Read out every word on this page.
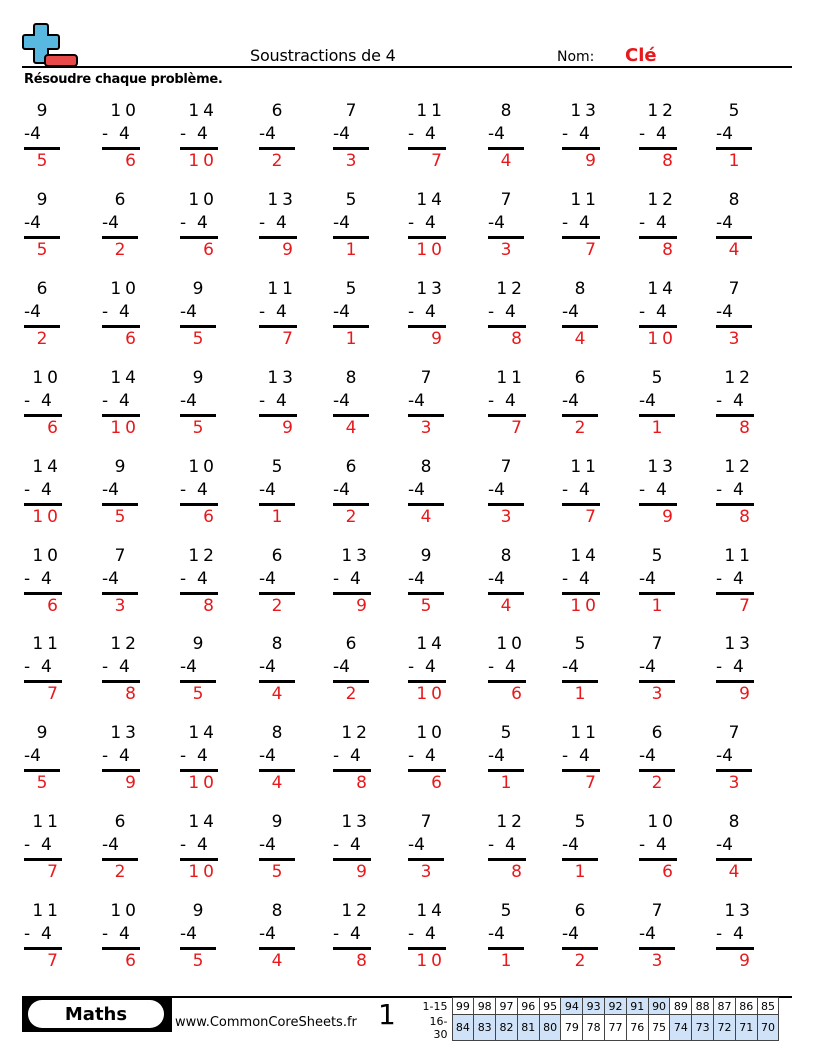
Soustractions de 4	Nom: Clé
Résoudre chaque problème.
9
-4
5
10
-  4
6
14
-  4
10
6
-4
2
7
-4
3
11
-  4
7
8
-4
4
13
-  4
9
12
-  4
8
5
-4
1
9
-4
5
6
-4
2
10
-  4
6
13
-  4
9
5
-4
1
14
-  4
10
7
-4
3
11
-  4
7
12
-  4
8
8
-4
4
6
-4
2
10
-  4
6
9
-4
5
11
-  4
7
5
-4
1
13
-  4
9
12
-  4
8
8
-4
4
14
-  4
10
7
-4
3
10
-  4
6
14
-  4
10
9
-4
5
13
-  4
9
8
-4
4
7
-4
3
11
-  4
7
6
-4
2
5
-4
1
12
-  4
8
14
-  4
10
9
-4
5
10
-  4
6
5
-4
1
6
-4
2
8
-4
4
7
-4
3
11
-  4
7
13
-  4
9
12
-  4
8
10
-  4
6
7
-4
3
12
-  4
8
6
-4
2
13
-  4
9
9
-4
5
8
-4
4
14
-  4
10
5
-4
1
11
-  4
7
11
-  4
7
12
-  4
8
9
-4
5
8
-4
4
6
-4
2
14
-  4
10
10
-  4
6
5
-4
1
7
-4
3
13
-  4
9
9
-4
5
13
-  4
9
14
-  4
10
8
-4
4
12
-  4
8
10
-  4
6
5
-4
1
11
-  4
7
6
-4
2
7
-4
3
11
-  4
7
6
-4
2
14
-  4
10
9
-4
5
13
-  4
9
7
-4
3
12
-  4
8
5
-4
1
10
-  4
6
8
-4
4
11
-  4
7
10
-  4
6
9
-4
5
8
-4
4
12
-  4
8
14
-  4
10
5
-4
1
6
-4
2
7
-4
3
13
-  4
9
Maths	www.CommonCoreSheets.fr 1 1-15	99	98	97	96	95	94	93	92	91	90	89	88	87	86	85
16-30	84	83	82	81	80	79	78	77	76	75	74	73	72	71	70
